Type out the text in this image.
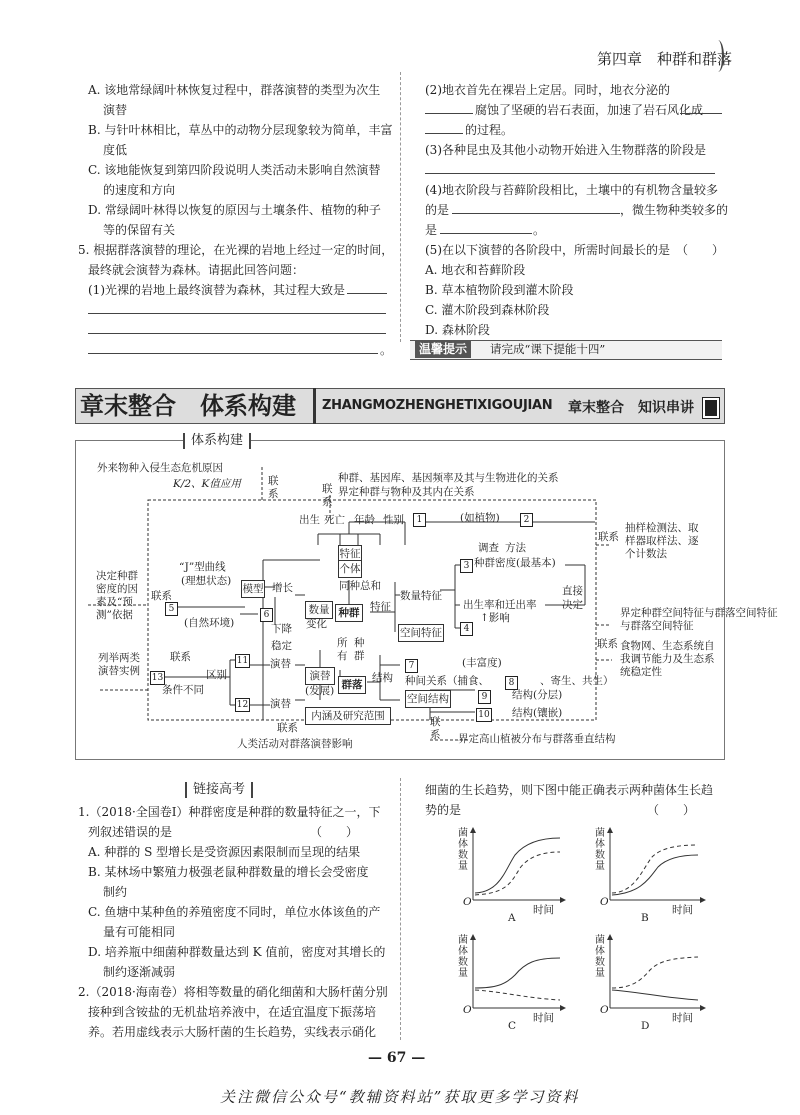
第四章　种群和群落
A. 该地常绿阔叶林恢复过程中，群落演替的类型为次生
演替
B. 与针叶林相比，草丛中的动物分层现象较为简单，丰富
度低
C. 该地能恢复到第四阶段说明人类活动未影响自然演替
的速度和方向
D. 常绿阔叶林得以恢复的原因与土壤条件、植物的种子
等的保留有关
5. 根据群落演替的理论，在光裸的岩地上经过一定的时间，
最终就会演替为森林。请据此回答问题：
(1)光裸的岩地上最终演替为森林，其过程大致是
。
(2)地衣首先在裸岩上定居。同时，地衣分泌的
腐蚀了坚硬的岩石表面，加速了岩石风化成
的过程。
(3)各种昆虫及其他小动物开始进入生物群落的阶段是
(4)地衣阶段与苔藓阶段相比，土壤中的有机物含量较多
的是	，微生物种类较多的
是	。
(5)在以下演替的各阶段中，所需时间最长的是　（　　）
A. 地衣和苔藓阶段
B. 草本植物阶段到灌木阶段
C. 灌木阶段到森林阶段
D. 森林阶段
温馨提示	请完成“课下提能十四”
章末整合　体系构建 ZHANGMOZHENGHETIXIGOUJIAN 章末整合　知识串讲
体系构建
外来物种入侵生态危机原因
K/2、K值应用	联系
种群、基因库、基因频率及其与生物进化的关系
界定种群与物种及其内在关系
联系
出生 死亡 年龄 性别	1	(如植物)	2
特征
个体
调查 方法
联系
抽样检测法、取样器取样法、逐个计数法
“J”型曲线
(理想状态)
模型 增长	同种总和
3 种群密度(最基本)
直接
决定
决定种群密度的因素及“预测”依据
联系
5
(自然环境)
6	数量
变化
种群	特征
数量特征
出生率和迁出率
↑影响
空间特征	4
下降
稳定	所有
种群
界定种群空间特征与群落空间特征
与群落空间特征
联系 食物网、生态系统自我调节能力及生态系统稳定性
列举两类演替实例
联系	11 演替
13	区别
条件不同
12 演替
演替
(发展) 群落
结构
7	(丰富度)
种间关系（捕食、	8	、寄生、共生）
空间结构	9	结构(分层)
联系
10 结构(镶嵌)
内涵及研究范围
联系
人类活动对群落演替影响	界定高山植被分布与群落垂直结构
链接高考
1.（2018·全国卷Ⅰ）种群密度是种群的数量特征之一，下
列叙述错误的是　　　　　　　　　　　　（　　）
A. 种群的 S 型增长是受资源因素限制而呈现的结果
B. 某林场中繁殖力极强老鼠种群数量的增长会受密度
制约
C. 鱼塘中某种鱼的养殖密度不同时，单位水体该鱼的产
量有可能相同
D. 培养瓶中细菌种群数量达到 K 值前，密度对其增长的
制约逐渐减弱
2.（2018·海南卷）将相等数量的硝化细菌和大肠杆菌分别
接种到含铵盐的无机盐培养液中，在适宜温度下振荡培
养。若用虚线表示大肠杆菌的生长趋势，实线表示硝化
细菌的生长趋势，则下图中能正确表示两种菌体生长趋
势的是　　　　　　　　　　　　　　　　（　　）
菌体数量
菌体数量
菌体数量
菌体数量
O	O
O	O
时间	时间
时间	时间
A	B
C	D
— 67 —
关注微信公众号“教辅资料站”获取更多学习资料
